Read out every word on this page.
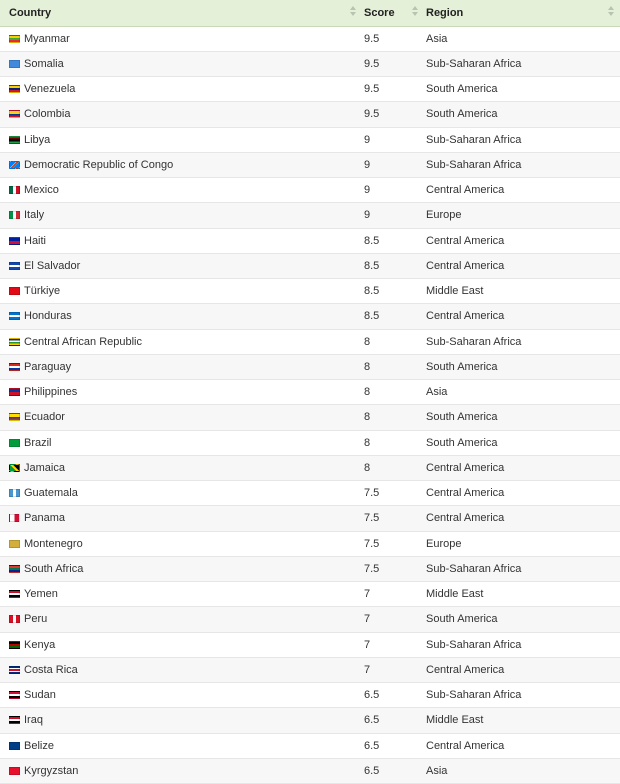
Country	Score	Region

Myanmar	9.5	Asia
Somalia	9.5	Sub-Saharan Africa
Venezuela	9.5	South America
Colombia	9.5	South America
Libya	9	Sub-Saharan Africa
Democratic Republic of Congo	9	Sub-Saharan Africa
Mexico	9	Central America
Italy	9	Europe
Haiti	8.5	Central America
El Salvador	8.5	Central America
Türkiye	8.5	Middle East
Honduras	8.5	Central America
Central African Republic	8	Sub-Saharan Africa
Paraguay	8	South America
Philippines	8	Asia
Ecuador	8	South America
Brazil	8	South America
Jamaica	8	Central America
Guatemala	7.5	Central America
Panama	7.5	Central America
Montenegro	7.5	Europe
South Africa	7.5	Sub-Saharan Africa
Yemen	7	Middle East
Peru	7	South America
Kenya	7	Sub-Saharan Africa
Costa Rica	7	Central America
Sudan	6.5	Sub-Saharan Africa
Iraq	6.5	Middle East
Belize	6.5	Central America
Kyrgyzstan	6.5	Asia
